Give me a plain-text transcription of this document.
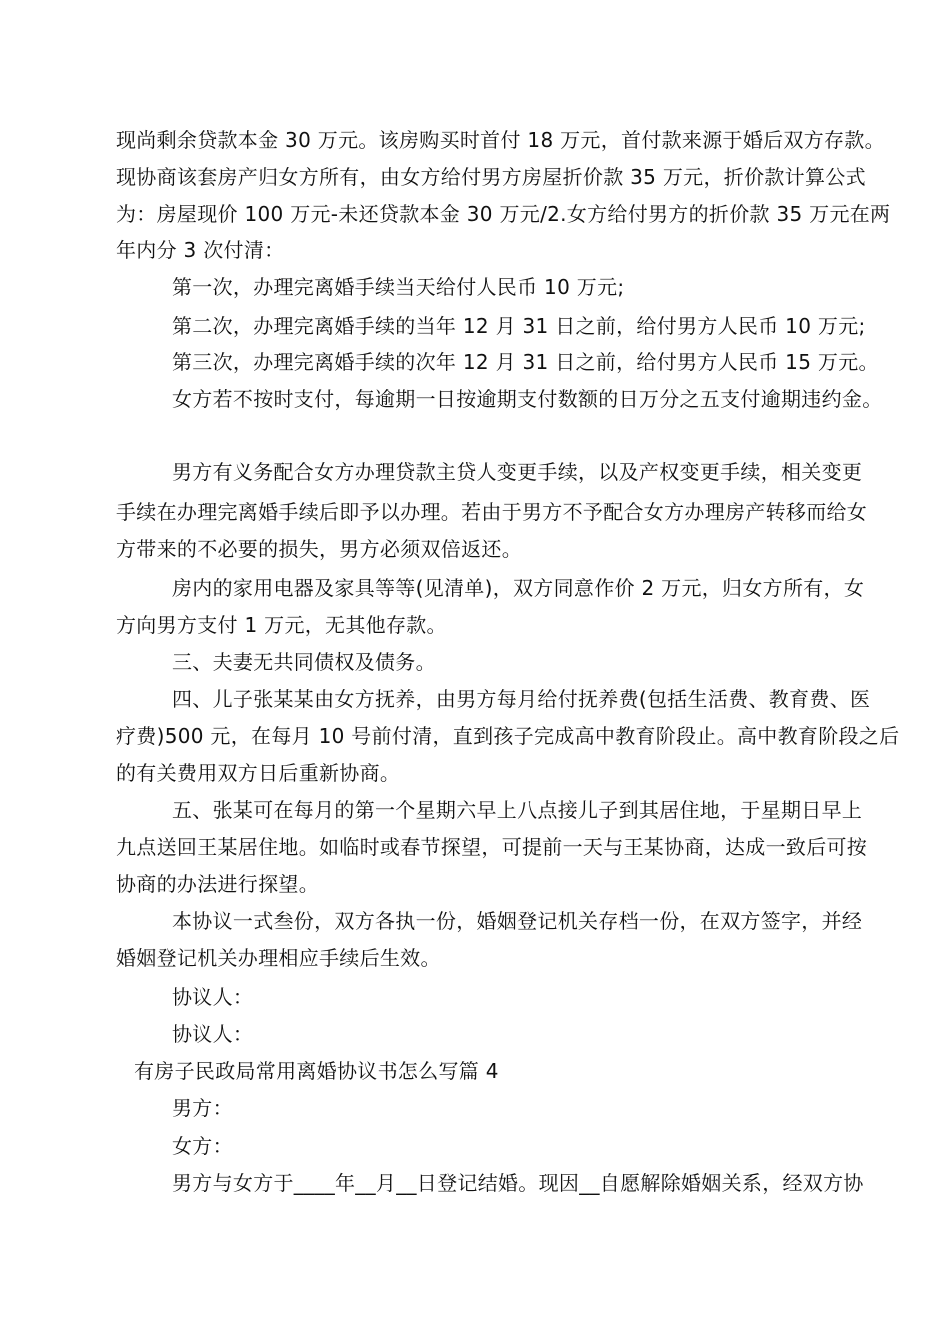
现尚剩余贷款本金 30 万元。该房购买时首付 18 万元，首付款来源于婚后双方存款。
现协商该套房产归女方所有，由女方给付男方房屋折价款 35 万元，折价款计算公式
为：房屋现价 100 万元-未还贷款本金 30 万元/2.女方给付男方的折价款 35 万元在两
年内分 3 次付清：
第一次，办理完离婚手续当天给付人民币 10 万元;
第二次，办理完离婚手续的当年 12 月 31 日之前，给付男方人民币 10 万元;
第三次，办理完离婚手续的次年 12 月 31 日之前，给付男方人民币 15 万元。
女方若不按时支付，每逾期一日按逾期支付数额的日万分之五支付逾期违约金。
男方有义务配合女方办理贷款主贷人变更手续，以及产权变更手续，相关变更
手续在办理完离婚手续后即予以办理。若由于男方不予配合女方办理房产转移而给女
方带来的不必要的损失，男方必须双倍返还。
房内的家用电器及家具等等(见清单)，双方同意作价 2 万元，归女方所有，女
方向男方支付 1 万元，无其他存款。
三、夫妻无共同债权及债务。
四、儿子张某某由女方抚养，由男方每月给付抚养费(包括生活费、教育费、医
疗费)500 元，在每月 10 号前付清，直到孩子完成高中教育阶段止。高中教育阶段之后
的有关费用双方日后重新协商。
五、张某可在每月的第一个星期六早上八点接儿子到其居住地，于星期日早上
九点送回王某居住地。如临时或春节探望，可提前一天与王某协商，达成一致后可按
协商的办法进行探望。
本协议一式叁份，双方各执一份，婚姻登记机关存档一份，在双方签字，并经
婚姻登记机关办理相应手续后生效。
协议人：
协议人：
有房子民政局常用离婚协议书怎么写篇 4
男方：
女方：
男方与女方于____年__月__日登记结婚。现因__自愿解除婚姻关系，经双方协
